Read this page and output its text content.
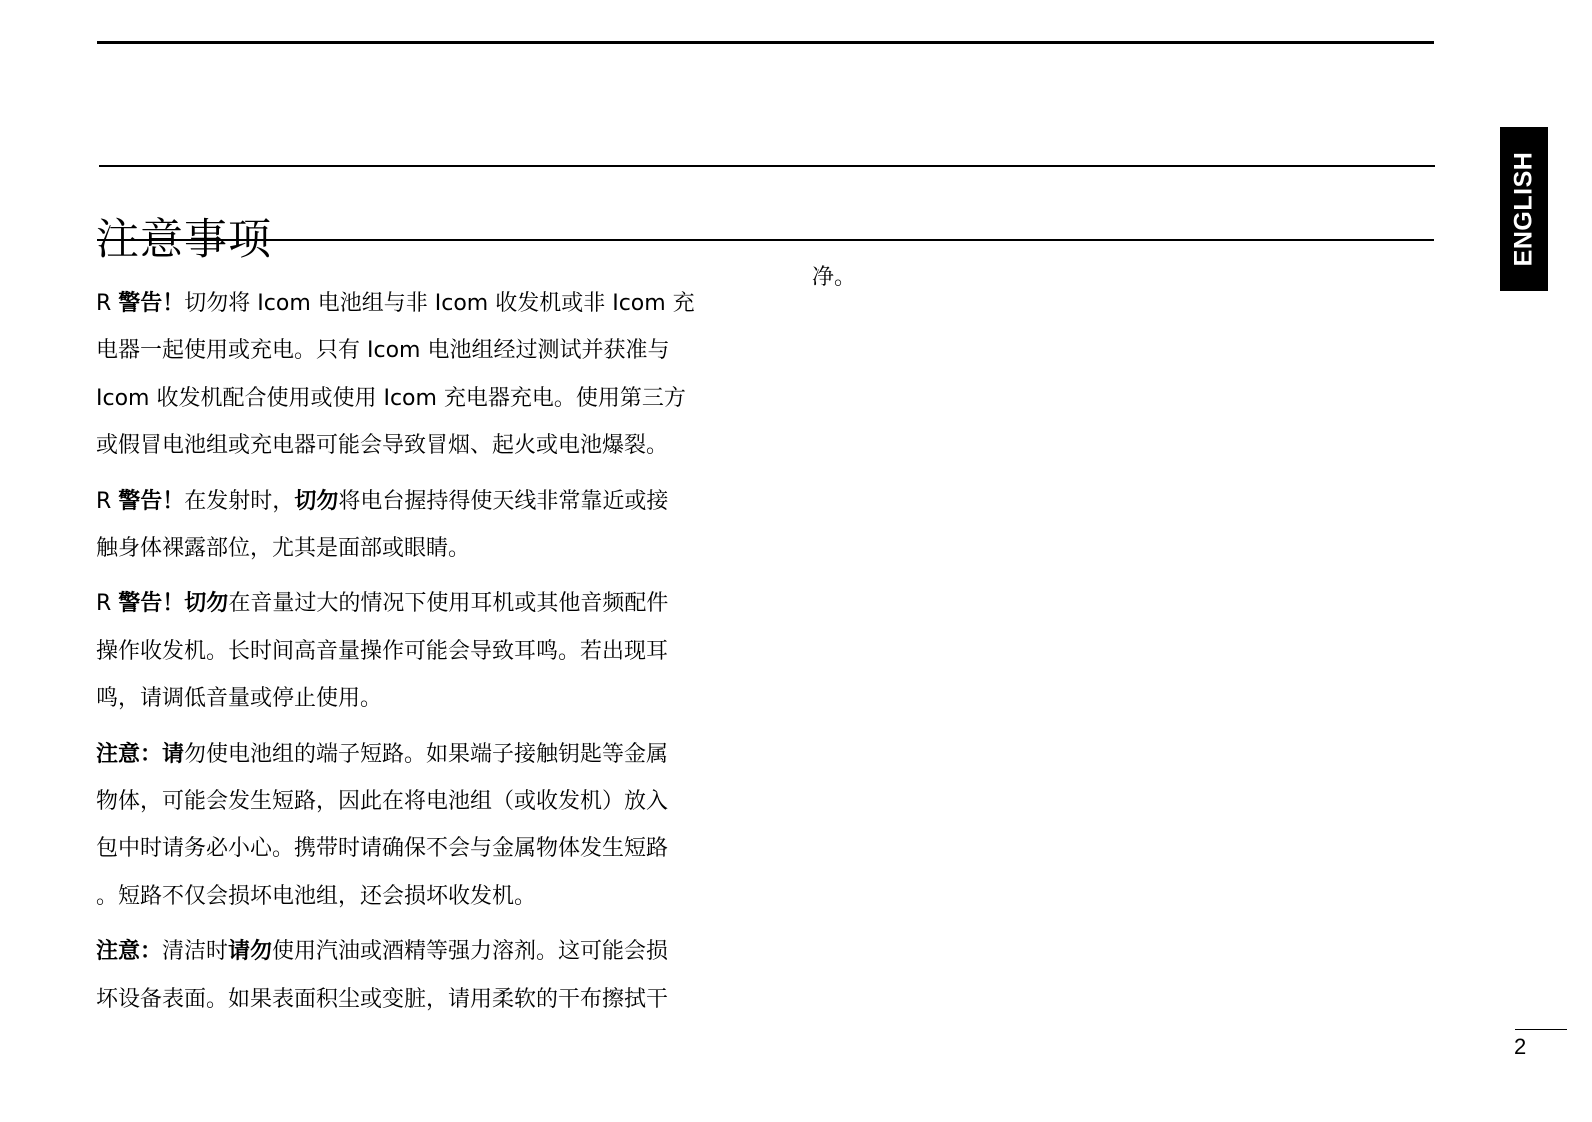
ENGLISH
注意事项

R 警告！切勿将 Icom 电池组与非 Icom 收发机或非 Icom 充
电器一起使用或充电。只有 Icom 电池组经过测试并获准与
Icom 收发机配合使用或使用 Icom 充电器充电。使用第三方
或假冒电池组或充电器可能会导致冒烟、起火或电池爆裂。

R 警告！在发射时，切勿将电台握持得使天线非常靠近或接
触身体裸露部位，尤其是面部或眼睛。

R 警告！切勿在音量过大的情况下使用耳机或其他音频配件
操作收发机。长时间高音量操作可能会导致耳鸣。若出现耳
鸣，请调低音量或停止使用。

注意：请勿使电池组的端子短路。如果端子接触钥匙等金属
物体，可能会发生短路，因此在将电池组（或收发机）放入
包中时请务必小心。携带时请确保不会与金属物体发生短路
。短路不仅会损坏电池组，还会损坏收发机。

注意：清洁时请勿使用汽油或酒精等强力溶剂。这可能会损
坏设备表面。如果表面积尘或变脏，请用柔软的干布擦拭干

净。
2
